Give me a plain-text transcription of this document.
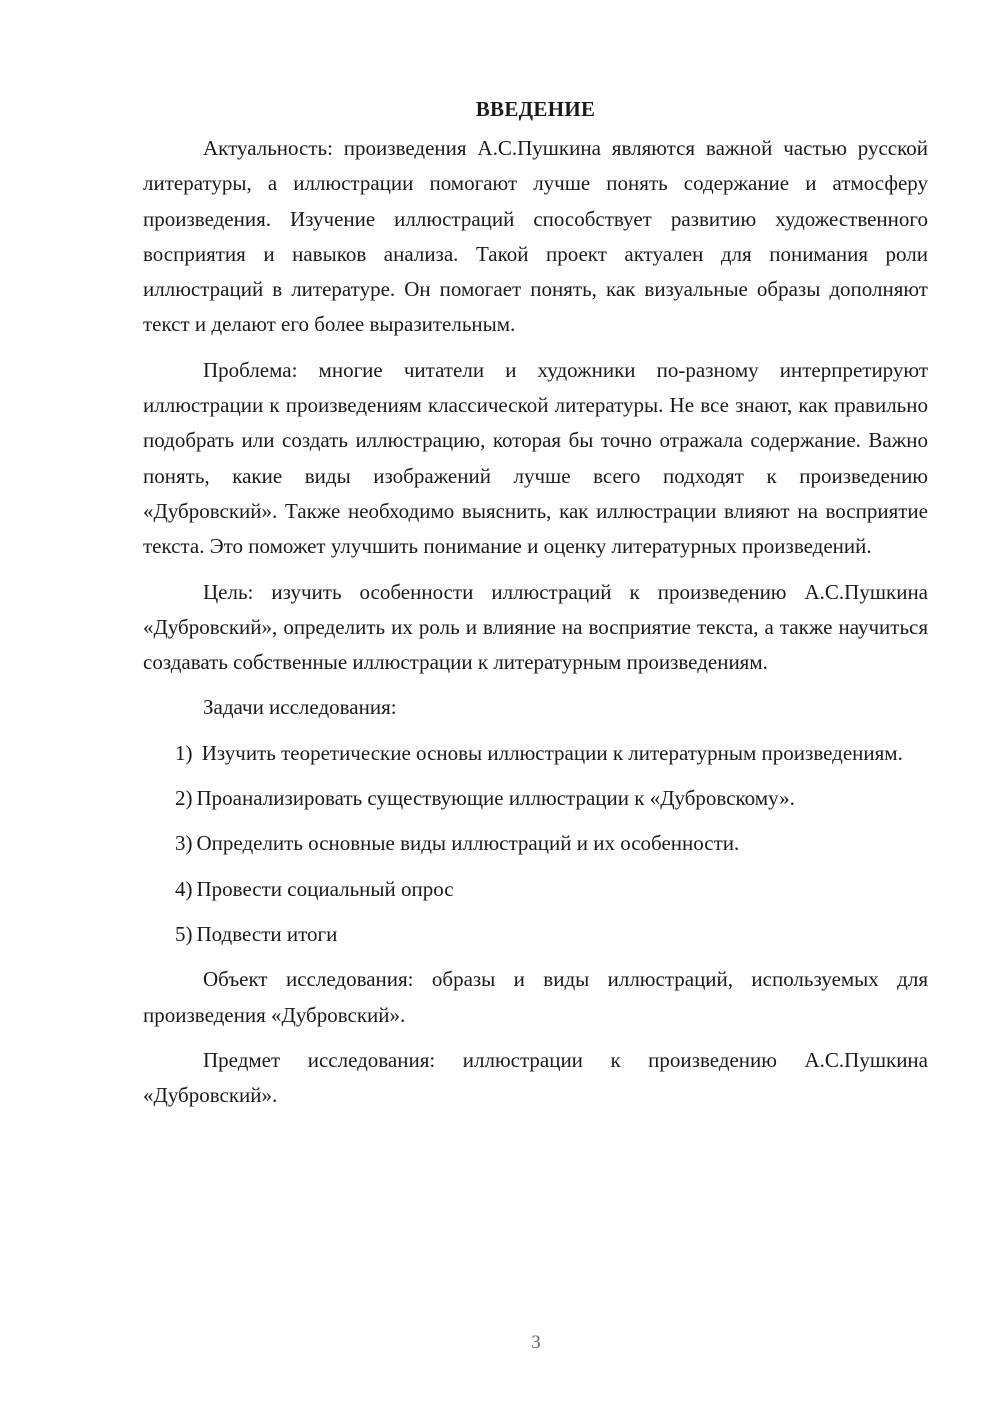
ВВЕДЕНИЕ

Актуальность: произведения А.С.Пушкина являются важной частью русской литературы, а иллюстрации помогают лучше понять содержание и атмосферу произведения. Изучение иллюстраций способствует развитию художественного восприятия и навыков анализа. Такой проект актуален для понимания роли иллюстраций в литературе. Он помогает понять, как визуальные образы дополняют текст и делают его более выразительным.

Проблема: многие читатели и художники по-разному интерпретируют иллюстрации к произведениям классической литературы. Не все знают, как правильно подобрать или создать иллюстрацию, которая бы точно отражала содержание. Важно понять, какие виды изображений лучше всего подходят к произведению «Дубровский». Также необходимо выяснить, как иллюстрации влияют на восприятие текста. Это поможет улучшить понимание и оценку литературных произведений.

Цель: изучить особенности иллюстраций к произведению А.С.Пушкина «Дубровский», определить их роль и влияние на восприятие текста, а также научиться создавать собственные иллюстрации к литературным произведениям.

Задачи исследования:

1) Изучить теоретические основы иллюстрации к литературным произведениям.

2) Проанализировать существующие иллюстрации к «Дубровскому».

3) Определить основные виды иллюстраций и их особенности.

4) Провести социальный опрос

5) Подвести итоги

Объект исследования: образы и виды иллюстраций, используемых для произведения «Дубровский».

Предмет исследования: иллюстрации к произведению А.С.Пушкина «Дубровский».

3
